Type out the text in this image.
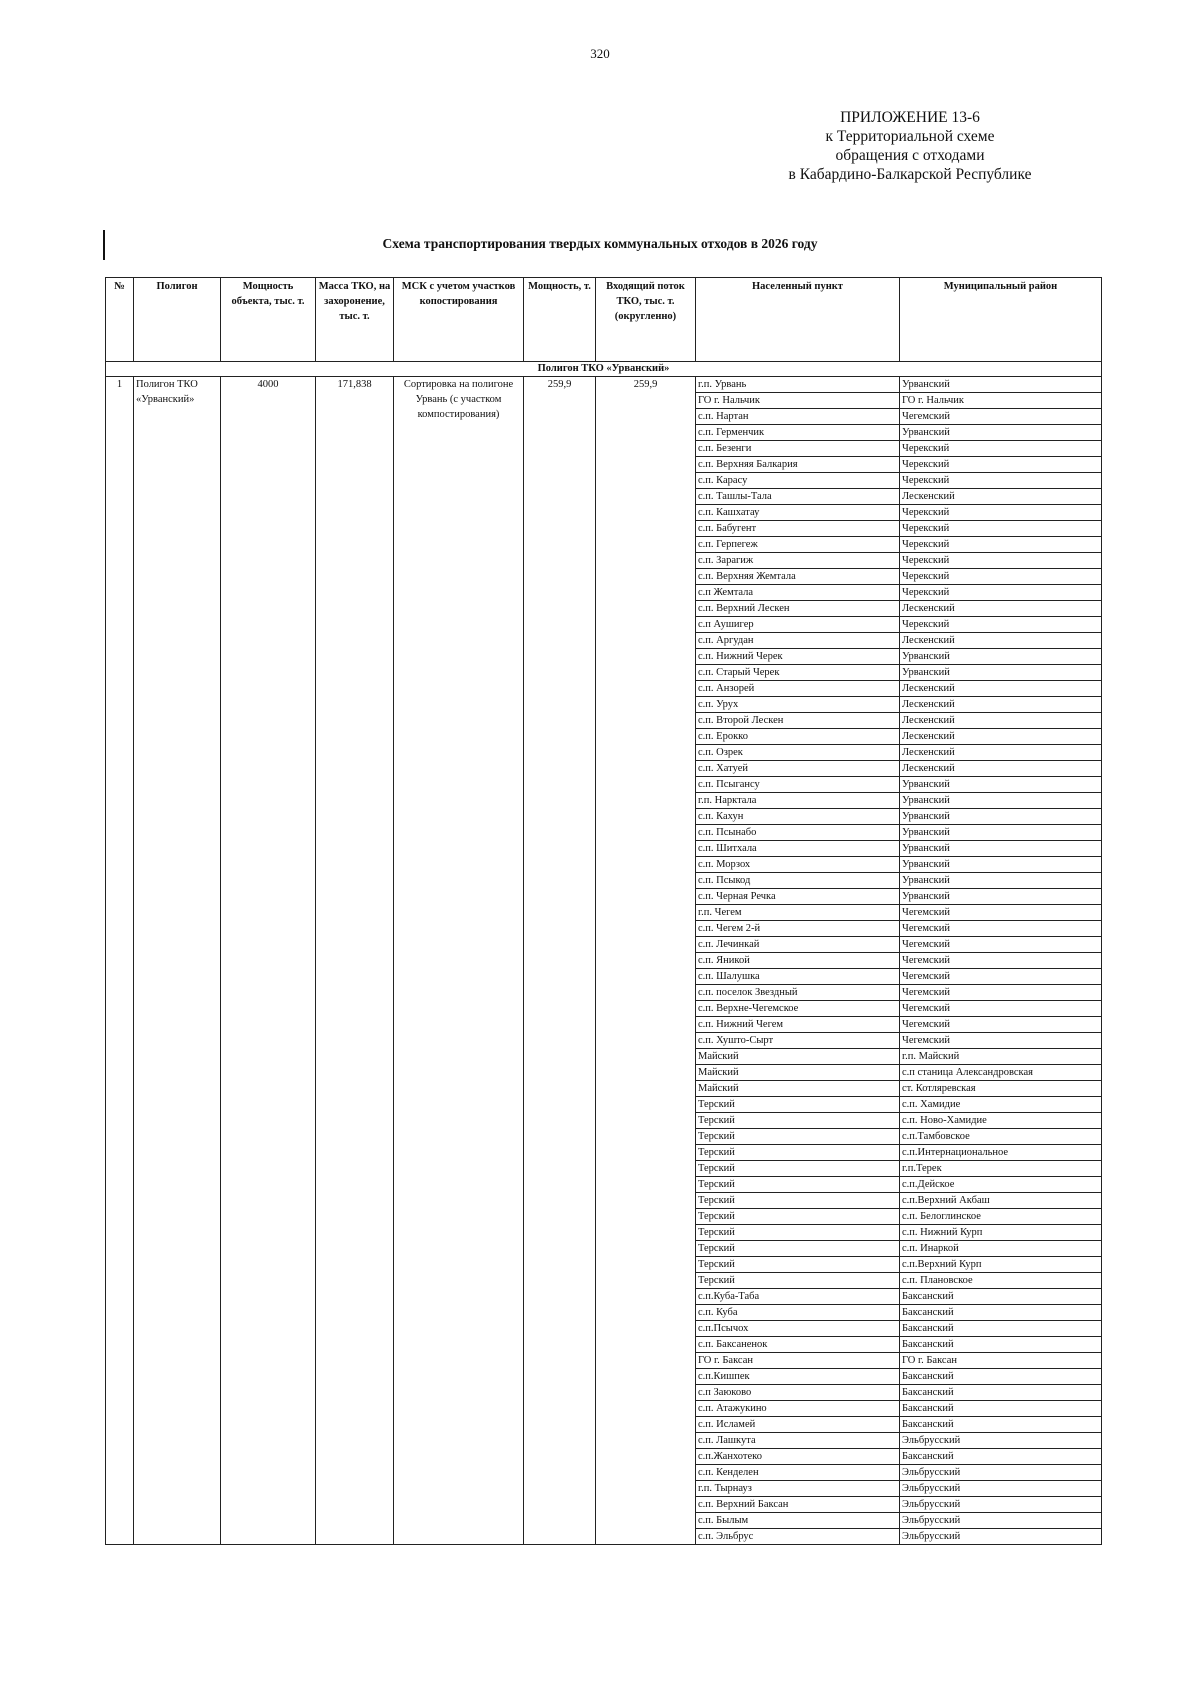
320
ПРИЛОЖЕНИЕ 13-6
к Территориальной схеме
обращения с отходами
в Кабардино-Балкарской Республике
Схема транспортирования твердых коммунальных отходов в 2026 году
№	Полигон	Мощность объекта, тыс. т.	Масса ТКО, на захоронение, тыс. т.	МСК с учетом участков копостирования	Мощность, т.	Входящий поток ТКО, тыс. т. (округленно)	Населенный пункт	Муниципальный район
Полигон ТКО «Урванский»								
1	Полигон ТКО «Урванский»	4000	171,838	Сортировка на полигоне Урвань (с участком компостирования)	259,9	259,9	г.п. Урвань	Урванский
							ГО г. Нальчик	ГО г. Нальчик
							с.п. Нартан	Чегемский
							с.п. Герменчик	Урванский
							с.п. Безенги	Черекский
							с.п. Верхняя Балкария	Черекский
							с.п. Карасу	Черекский
							с.п. Ташлы-Тала	Лескенский
							с.п. Кашхатау	Черекский
							с.п. Бабугент	Черекский
							с.п. Герпегеж	Черекский
							с.п. Зарагиж	Черекский
							с.п. Верхняя Жемтала	Черекский
							с.п Жемтала	Черекский
							с.п. Верхний Лескен	Лескенский
							с.п Аушигер	Черекский
							с.п. Аргудан	Лескенский
							с.п. Нижний Черек	Урванский
							с.п. Старый Черек	Урванский
							с.п. Анзорей	Лескенский
							с.п. Урух	Лескенский
							с.п. Второй Лескен	Лескенский
							с.п. Ерокко	Лескенский
							с.п. Озрек	Лескенский
							с.п. Хатуей	Лескенский
							с.п. Псыгансу	Урванский
							г.п. Нарктала	Урванский
							с.п. Кахун	Урванский
							с.п. Псынабо	Урванский
							с.п. Шитхала	Урванский
							с.п. Морзох	Урванский
							с.п. Псыкод	Урванский
							с.п. Черная Речка	Урванский
							г.п. Чегем	Чегемский
							с.п. Чегем 2-й	Чегемский
							с.п. Лечинкай	Чегемский
							с.п. Яникой	Чегемский
							с.п. Шалушка	Чегемский
							с.п. поселок Звездный	Чегемский
							с.п. Верхне-Чегемское	Чегемский
							с.п. Нижний Чегем	Чегемский
							с.п. Хушто-Сырт	Чегемский
							Майский	г.п. Майский
							Майский	с.п станица Александровская
							Майский	ст. Котляревская
							Терский	с.п. Хамидие
							Терский	с.п. Ново-Хамидие
							Терский	с.п.Тамбовское
							Терский	с.п.Интернациональное
							Терский	г.п.Терек
							Терский	с.п.Дейское
							Терский	с.п.Верхний Акбаш
							Терский	с.п. Белоглинское
							Терский	с.п. Нижний Курп
							Терский	с.п. Инаркой
							Терский	с.п.Верхний Курп
							Терский	с.п. Плановское
							с.п.Куба-Таба	Баксанский
							с.п. Куба	Баксанский
							с.п.Псычох	Баксанский
							с.п. Баксаненок	Баксанский
							ГО г. Баксан	ГО г. Баксан
							с.п.Кишпек	Баксанский
							с.п Заюково	Баксанский
							с.п. Атажукино	Баксанский
							с.п. Исламей	Баксанский
							с.п. Лашкута	Эльбрусский
							с.п.Жанхотеко	Баксанский
							с.п. Кенделен	Эльбрусский
							г.п. Тырнауз	Эльбрусский
							с.п. Верхний Баксан	Эльбрусский
							с.п. Былым	Эльбрусский
							с.п. Эльбрус	Эльбрусский
